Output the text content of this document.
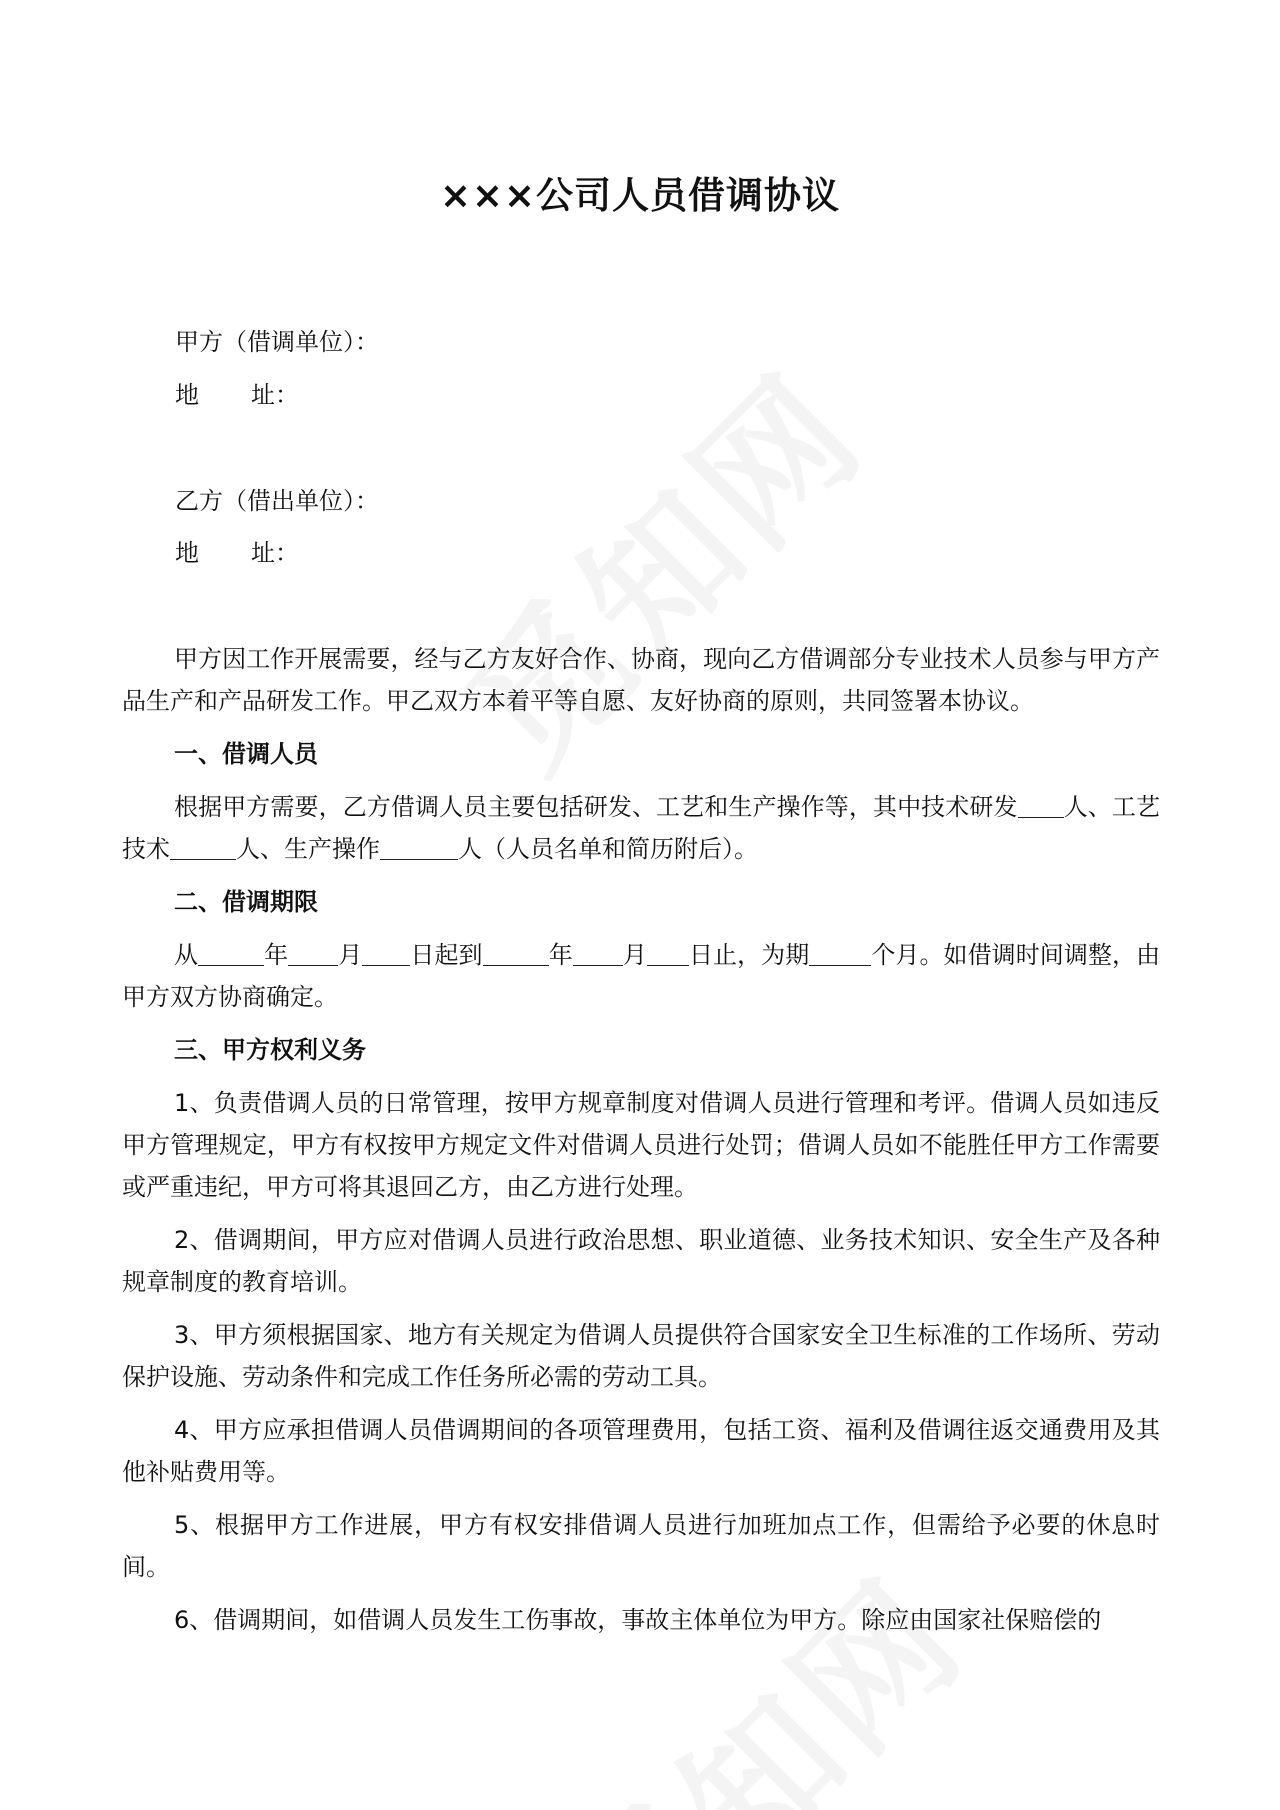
×××公司人员借调协议
甲方（借调单位）：
地 址：
乙方（借出单位）：
地 址：

甲方因工作开展需要，经与乙方友好合作、协商，现向乙方借调部分专业技术人员参与甲方产品生产和产品研发工作。甲乙双方本着平等自愿、友好协商的原则，共同签署本协议。

一、借调人员

根据甲方需要，乙方借调人员主要包括研发、工艺和生产操作等，其中技术研发 人、工艺技术	人、生产操作	人（人员名单和简历附后）。

二、借调期限

从	年 月 日起到	年 月 日止，为期	个月。如借调时间调整，由甲方双方协商确定。

三、甲方权利义务

1、负责借调人员的日常管理，按甲方规章制度对借调人员进行管理和考评。借调人员如违反甲方管理规定，甲方有权按甲方规定文件对借调人员进行处罚；借调人员如不能胜任甲方工作需要或严重违纪，甲方可将其退回乙方，由乙方进行处理。

2、借调期间，甲方应对借调人员进行政治思想、职业道德、业务技术知识、安全生产及各种规章制度的教育培训。

3、甲方须根据国家、地方有关规定为借调人员提供符合国家安全卫生标准的工作场所、劳动保护设施、劳动条件和完成工作任务所必需的劳动工具。

4、甲方应承担借调人员借调期间的各项管理费用，包括工资、福利及借调往返交通费用及其他补贴费用等。

5、根据甲方工作进展，甲方有权安排借调人员进行加班加点工作，但需给予必要的休息时间。

6、借调期间，如借调人员发生工伤事故，事故主体单位为甲方。除应由国家社保赔偿的
